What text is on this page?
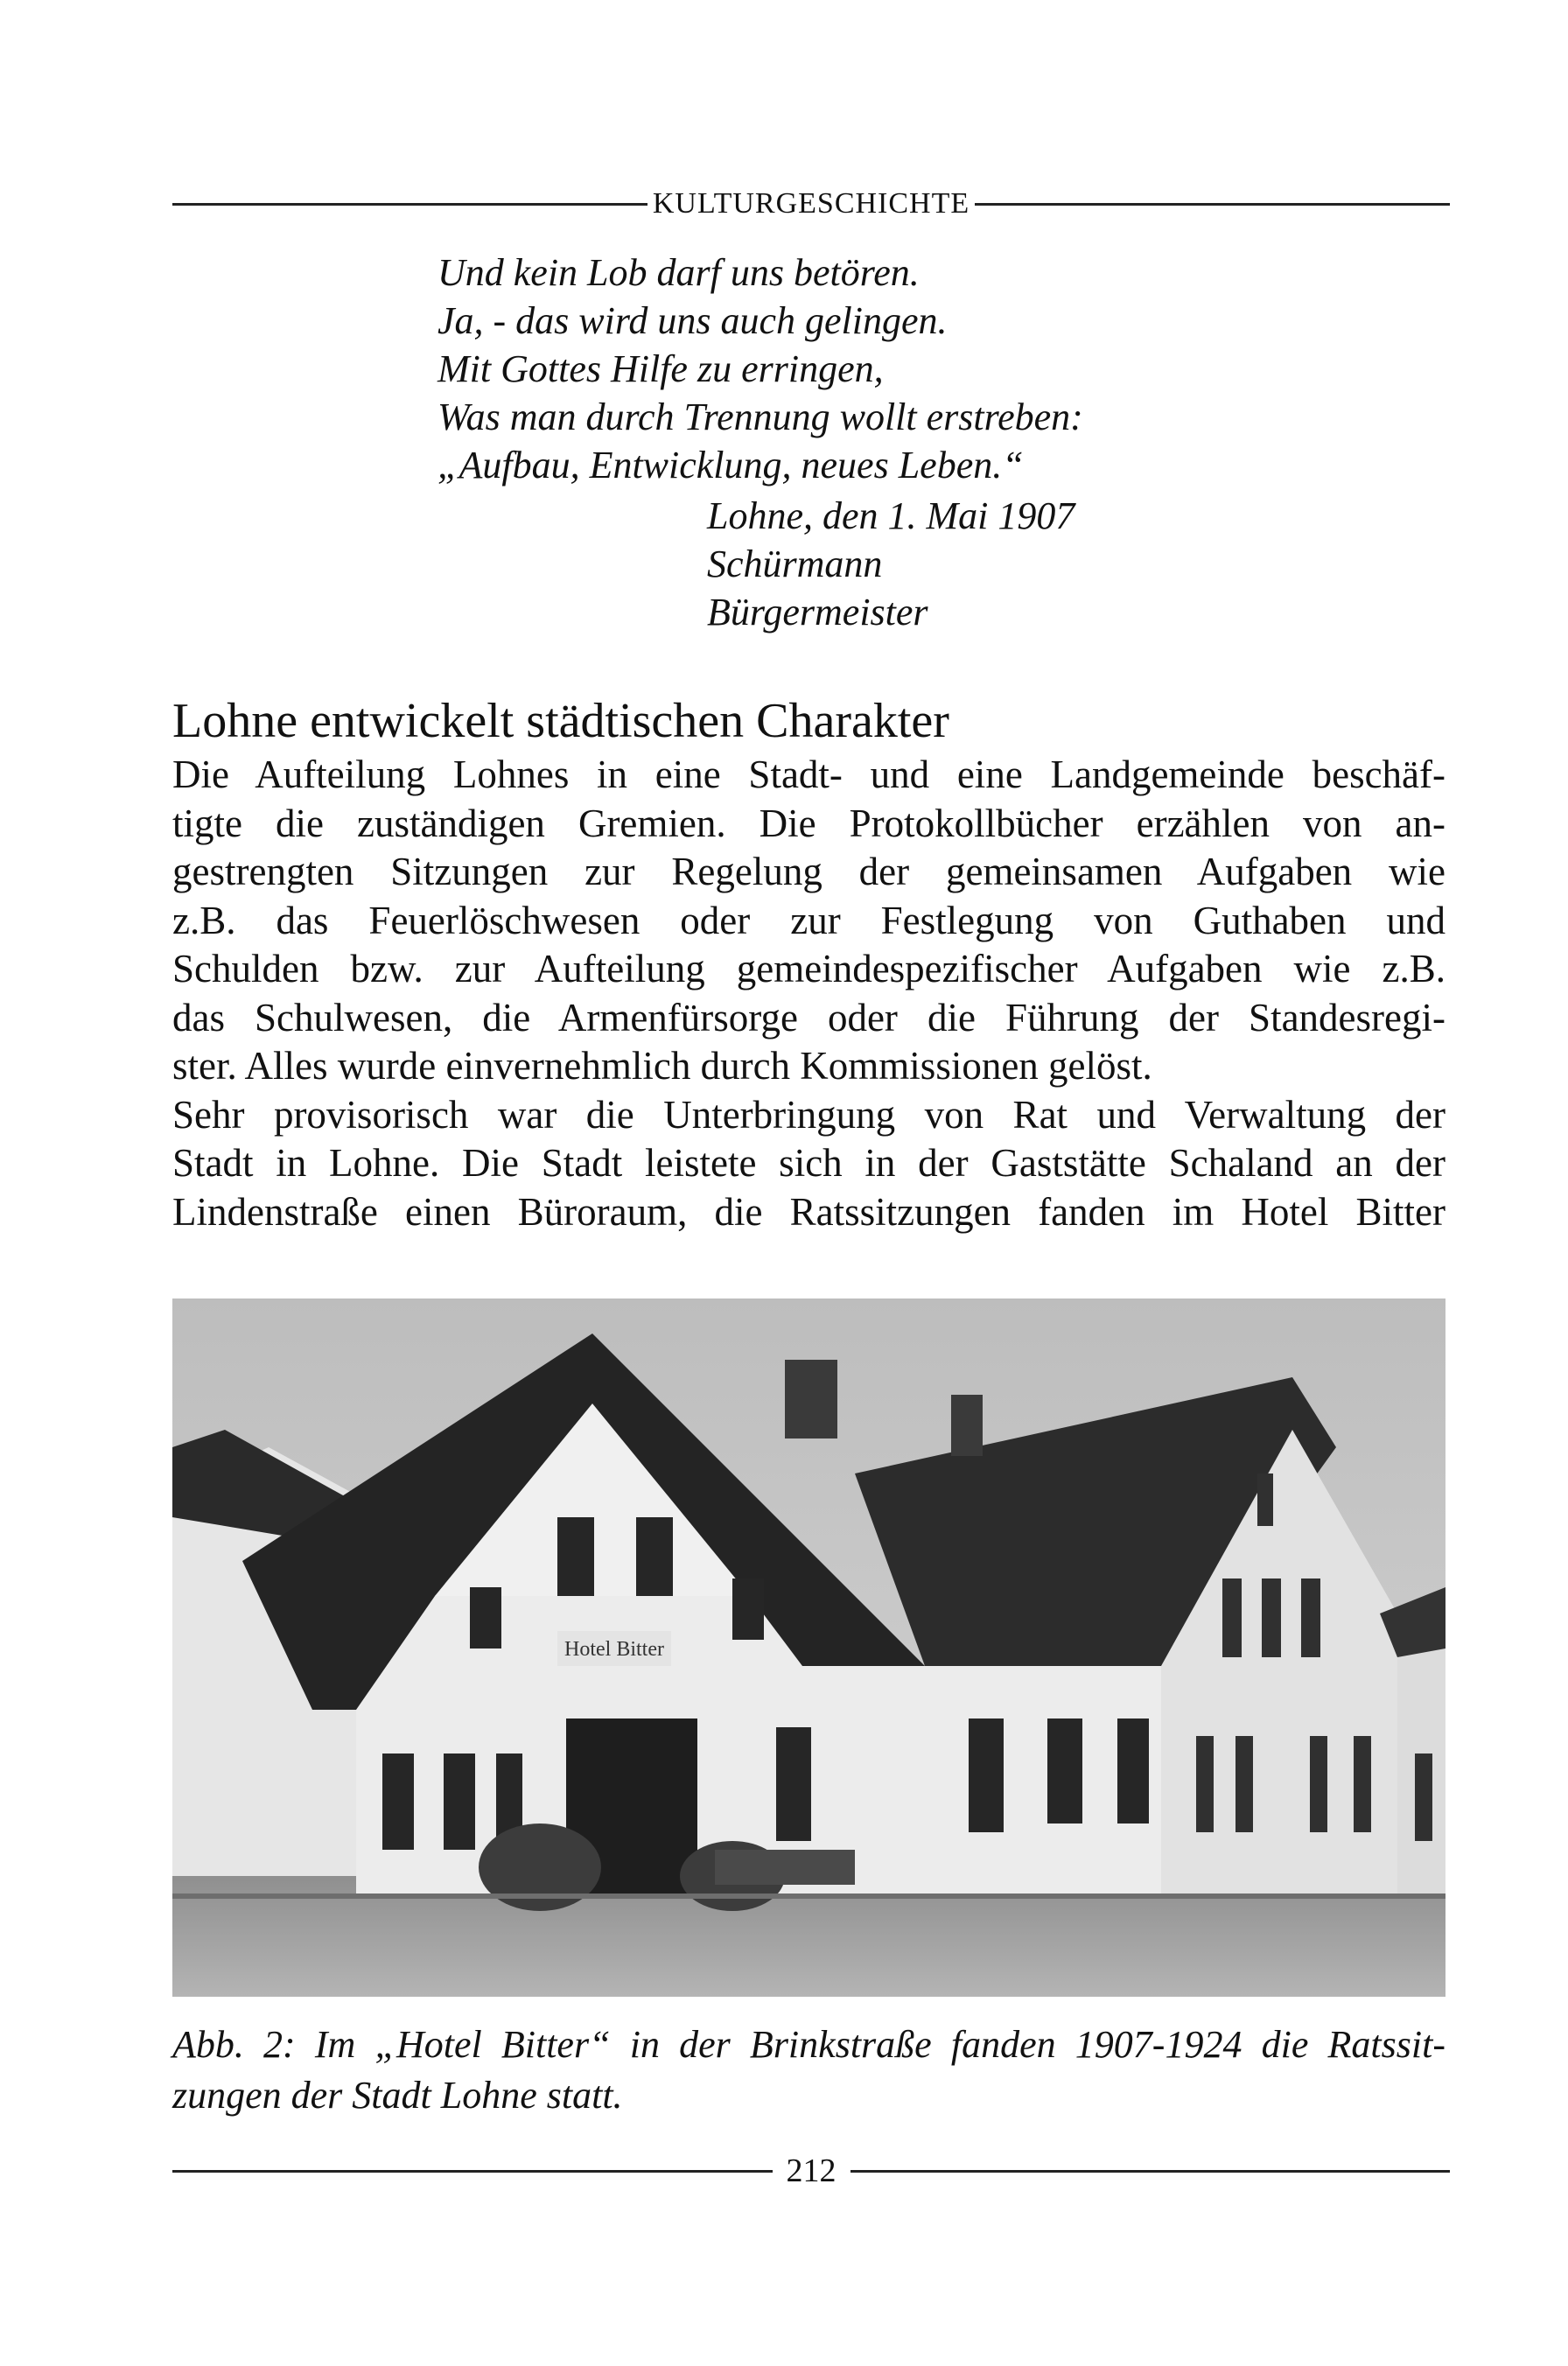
KULTURGESCHICHTE
Und kein Lob darf uns betören.
Ja, - das wird uns auch gelingen.
Mit Gottes Hilfe zu erringen,
Was man durch Trennung wollt erstreben:
„Aufbau, Entwicklung, neues Leben.“
Lohne, den 1. Mai 1907
Schürmann
Bürgermeister
Lohne entwickelt städtischen Charakter
Die Aufteilung Lohnes in eine Stadt- und eine Landgemeinde beschäf-
tigte die zuständigen Gremien. Die Protokollbücher erzählen von an-
gestrengten Sitzungen zur Regelung der gemeinsamen Aufgaben wie
z.B. das Feuerlöschwesen oder zur Festlegung von Guthaben und
Schulden bzw. zur Aufteilung gemeindespezifischer Aufgaben wie z.B.
das Schulwesen, die Armenfürsorge oder die Führung der Standesregi-
ster. Alles wurde einvernehmlich durch Kommissionen gelöst.
Sehr provisorisch war die Unterbringung von Rat und Verwaltung der
Stadt in Lohne. Die Stadt leistete sich in der Gaststätte Schaland an der
Lindenstraße einen Büroraum, die Ratssitzungen fanden im Hotel Bitter
Hotel Bitter
Abb. 2: Im „Hotel Bitter“ in der Brinkstraße fanden 1907-1924 die Ratssit-
zungen der Stadt Lohne statt.
212
